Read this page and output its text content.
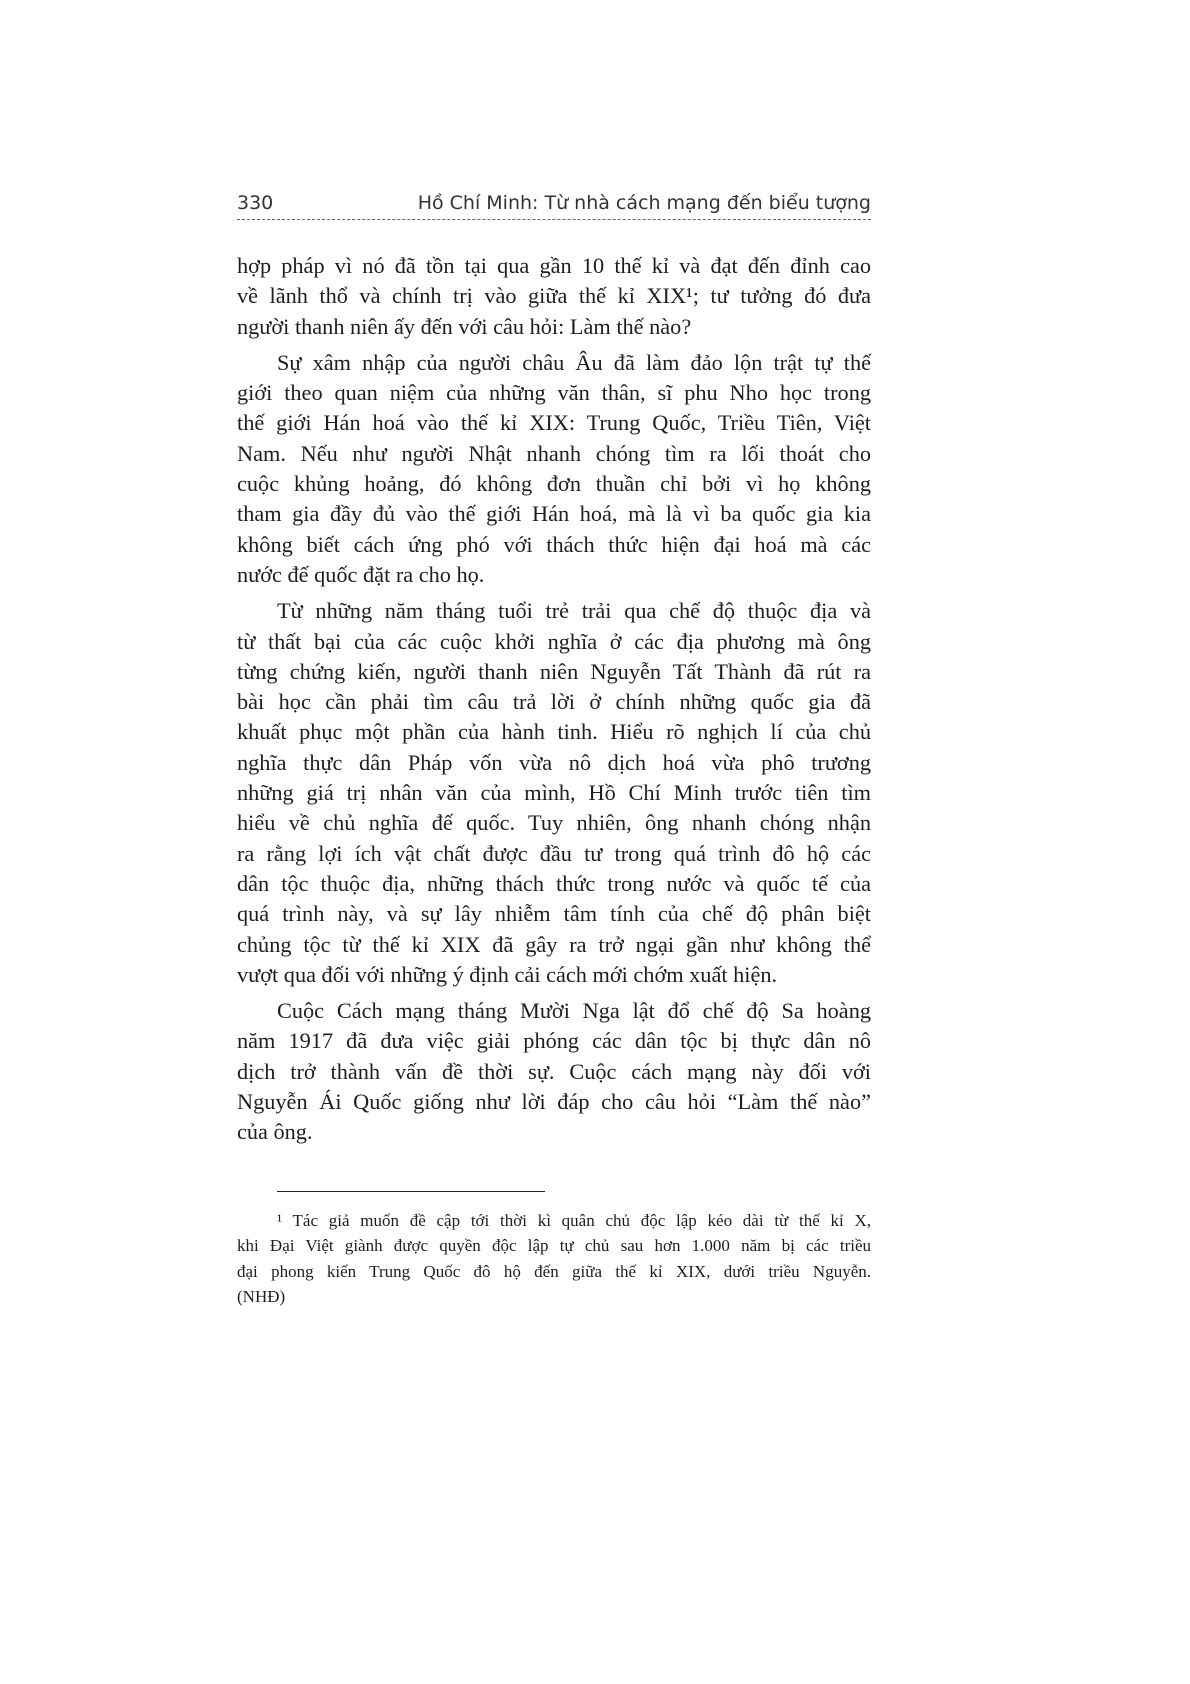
330	Hồ Chí Minh: Từ nhà cách mạng đến biểu tượng
hợp pháp vì nó đã tồn tại qua gần 10 thế kỉ và đạt đến đỉnh cao
về lãnh thổ và chính trị vào giữa thế kỉ XIX¹; tư tưởng đó đưa
người thanh niên ấy đến với câu hỏi: Làm thế nào?
Sự xâm nhập của người châu Âu đã làm đảo lộn trật tự thế
giới theo quan niệm của những văn thân, sĩ phu Nho học trong
thế giới Hán hoá vào thế kỉ XIX: Trung Quốc, Triều Tiên, Việt
Nam. Nếu như người Nhật nhanh chóng tìm ra lối thoát cho
cuộc khủng hoảng, đó không đơn thuần chỉ bởi vì họ không
tham gia đầy đủ vào thế giới Hán hoá, mà là vì ba quốc gia kia
không biết cách ứng phó với thách thức hiện đại hoá mà các
nước đế quốc đặt ra cho họ.
Từ những năm tháng tuổi trẻ trải qua chế độ thuộc địa và
từ thất bại của các cuộc khởi nghĩa ở các địa phương mà ông
từng chứng kiến, người thanh niên Nguyễn Tất Thành đã rút ra
bài học cần phải tìm câu trả lời ở chính những quốc gia đã
khuất phục một phần của hành tinh. Hiểu rõ nghịch lí của chủ
nghĩa thực dân Pháp vốn vừa nô dịch hoá vừa phô trương
những giá trị nhân văn của mình, Hồ Chí Minh trước tiên tìm
hiểu về chủ nghĩa đế quốc. Tuy nhiên, ông nhanh chóng nhận
ra rằng lợi ích vật chất được đầu tư trong quá trình đô hộ các
dân tộc thuộc địa, những thách thức trong nước và quốc tế của
quá trình này, và sự lây nhiễm tâm tính của chế độ phân biệt
chủng tộc từ thế kỉ XIX đã gây ra trở ngại gần như không thể
vượt qua đối với những ý định cải cách mới chớm xuất hiện.
Cuộc Cách mạng tháng Mười Nga lật đổ chế độ Sa hoàng
năm 1917 đã đưa việc giải phóng các dân tộc bị thực dân nô
dịch trở thành vấn đề thời sự. Cuộc cách mạng này đối với
Nguyễn Ái Quốc giống như lời đáp cho câu hỏi “Làm thế nào”
của ông.
¹ Tác giả muốn đề cập tới thời kì quân chủ độc lập kéo dài từ thế kỉ X,
khi Đại Việt giành được quyền độc lập tự chủ sau hơn 1.000 năm bị các triều
đại phong kiến Trung Quốc đô hộ đến giữa thế kỉ XIX, dưới triều Nguyễn.
(NHĐ)
